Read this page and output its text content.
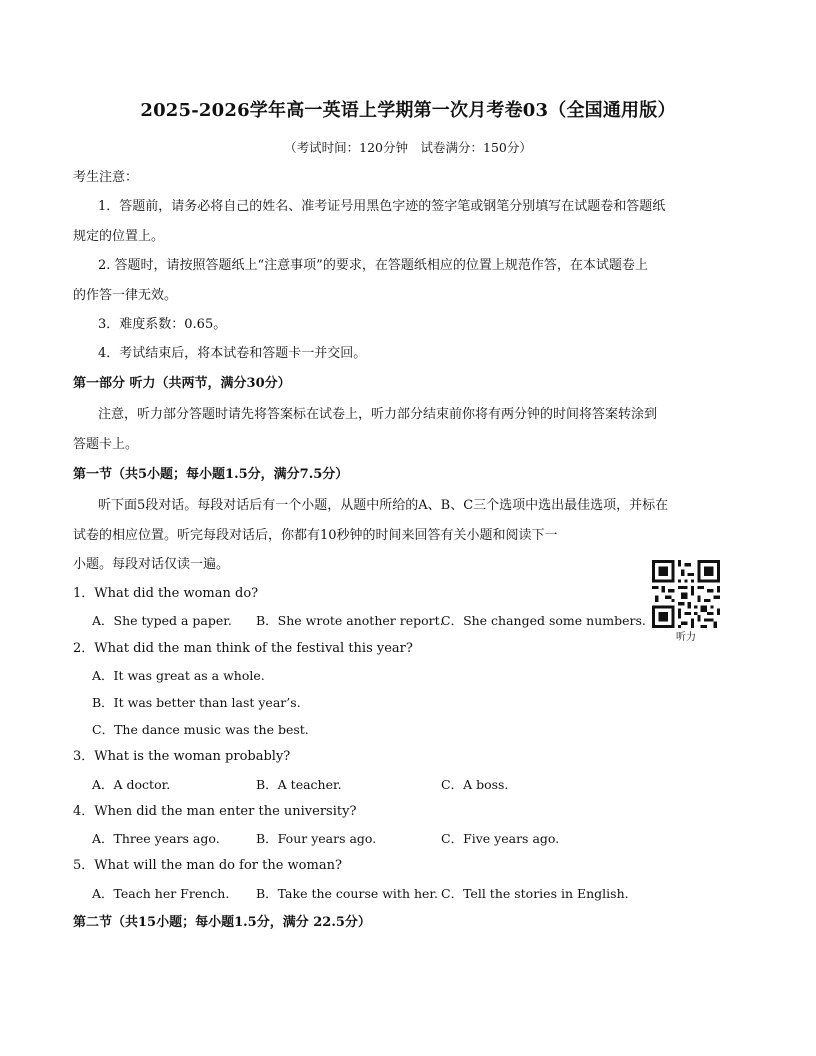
2025-2026学年高一英语上学期第一次月考卷03（全国通用版）
（考试时间：120分钟　试卷满分：150分）
考生注意：
1．答题前，请务必将自己的姓名、准考证号用黑色字迹的签字笔或钢笔分别填写在试题卷和答题纸
规定的位置上。
2. 答题时，请按照答题纸上“注意事项”的要求，在答题纸相应的位置上规范作答，在本试题卷上
的作答一律无效。
3．难度系数：0.65。
4．考试结束后，将本试卷和答题卡一并交回。
第一部分 听力（共两节，满分30分）
注意，听力部分答题时请先将答案标在试卷上，听力部分结束前你将有两分钟的时间将答案转涂到
答题卡上。
第一节（共5小题；每小题1.5分，满分7.5分）
听下面5段对话。每段对话后有一个小题，从题中所给的A、B、C三个选项中选出最佳选项，并标在
试卷的相应位置。听完每段对话后，你都有10秒钟的时间来回答有关小题和阅读下一
小题。每段对话仅读一遍。
听力
1．What did the woman do?
A．She typed a paper. B．She wrote another report.
C．She changed some numbers.
2．What did the man think of the festival this year?
A．It was great as a whole.
B．It was better than last year’s.
C．The dance music was the best.
3．What is the woman probably?
A．A doctor.	B．A teacher.	C．A boss.
4．When did the man enter the university?
A．Three years ago.	B．Four years ago.	C．Five years ago.
5．What will the man do for the woman?
A．Teach her French. B．Take the course with her. C．Tell the stories in English.
第二节（共15小题；每小题1.5分，满分 22.5分）
